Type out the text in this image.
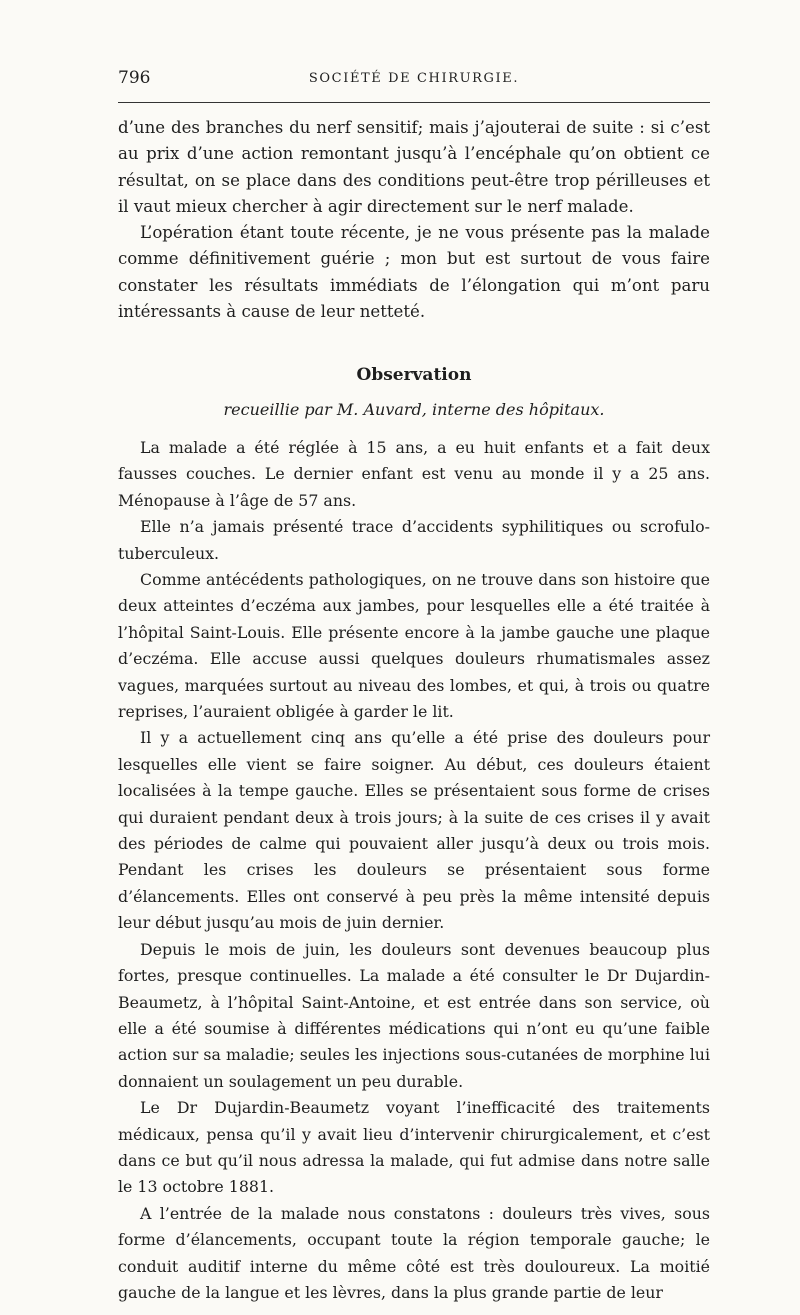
796	SOCIÉTÉ DE CHIRURGIE.

d’une des branches du nerf sensitif; mais j’ajouterai de suite : si c’est au prix d’une action remontant jusqu’à l’encéphale qu’on obtient ce résultat, on se place dans des conditions peut-être trop périlleuses et il vaut mieux chercher à agir directement sur le nerf malade.

L’opération étant toute récente, je ne vous présente pas la malade comme définitivement guérie ; mon but est surtout de vous faire constater les résultats immédiats de l’élongation qui m’ont paru intéressants à cause de leur netteté.

Observation

recueillie par M. Auvard, interne des hôpitaux.

La malade a été réglée à 15 ans, a eu huit enfants et a fait deux fausses couches. Le dernier enfant est venu au monde il y a 25 ans. Ménopause à l’âge de 57 ans.

Elle n’a jamais présenté trace d’accidents syphilitiques ou scrofulo-tuberculeux.

Comme antécédents pathologiques, on ne trouve dans son histoire que deux atteintes d’eczéma aux jambes, pour lesquelles elle a été traitée à l’hôpital Saint-Louis. Elle présente encore à la jambe gauche une plaque d’eczéma. Elle accuse aussi quelques douleurs rhumatismales assez vagues, marquées surtout au niveau des lombes, et qui, à trois ou quatre reprises, l’auraient obligée à garder le lit.

Il y a actuellement cinq ans qu’elle a été prise des douleurs pour lesquelles elle vient se faire soigner. Au début, ces douleurs étaient localisées à la tempe gauche. Elles se présentaient sous forme de crises qui duraient pendant deux à trois jours; à la suite de ces crises il y avait des périodes de calme qui pouvaient aller jusqu’à deux ou trois mois. Pendant les crises les douleurs se présentaient sous forme d’élancements. Elles ont conservé à peu près la même intensité depuis leur début jusqu’au mois de juin dernier.

Depuis le mois de juin, les douleurs sont devenues beaucoup plus fortes, presque continuelles. La malade a été consulter le Dr Dujardin-Beaumetz, à l’hôpital Saint-Antoine, et est entrée dans son service, où elle a été soumise à différentes médications qui n’ont eu qu’une faible action sur sa maladie; seules les injections sous-cutanées de morphine lui donnaient un soulagement un peu durable.

Le Dr Dujardin-Beaumetz voyant l’inefficacité des traitements médicaux, pensa qu’il y avait lieu d’intervenir chirurgicalement, et c’est dans ce but qu’il nous adressa la malade, qui fut admise dans notre salle le 13 octobre 1881.

A l’entrée de la malade nous constatons : douleurs très vives, sous forme d’élancements, occupant toute la région temporale gauche; le conduit auditif interne du même côté est très douloureux. La moitié gauche de la langue et les lèvres, dans la plus grande partie de leur
